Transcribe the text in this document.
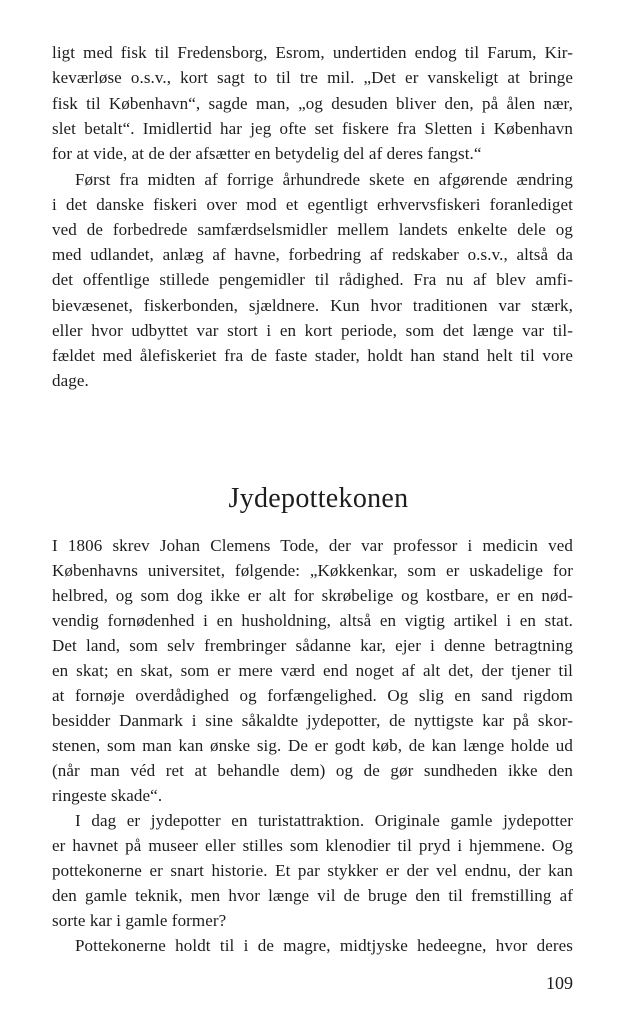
ligt med fisk til Fredensborg, Esrom, undertiden endog til Farum, Kir-
keværløse o.s.v., kort sagt to til tre mil. „Det er vanskeligt at bringe
fisk til København“, sagde man, „og desuden bliver den, på ålen nær,
slet betalt“. Imidlertid har jeg ofte set fiskere fra Sletten i København
for at vide, at de der afsætter en betydelig del af deres fangst.“
Først fra midten af forrige århundrede skete en afgørende ændring
i det danske fiskeri over mod et egentligt erhvervsfiskeri foranlediget
ved de forbedrede samfærdselsmidler mellem landets enkelte dele og
med udlandet, anlæg af havne, forbedring af redskaber o.s.v., altså da
det offentlige stillede pengemidler til rådighed. Fra nu af blev amfi-
bievæsenet, fiskerbonden, sjældnere. Kun hvor traditionen var stærk,
eller hvor udbyttet var stort i en kort periode, som det længe var til-
fældet med ålefiskeriet fra de faste stader, holdt han stand helt til vore
dage.
Jydepottekonen
I 1806 skrev Johan Clemens Tode, der var professor i medicin ved
Københavns universitet, følgende: „Køkkenkar, som er uskadelige for
helbred, og som dog ikke er alt for skrøbelige og kostbare, er en nød-
vendig fornødenhed i en husholdning, altså en vigtig artikel i en stat.
Det land, som selv frembringer sådanne kar, ejer i denne betragtning
en skat; en skat, som er mere værd end noget af alt det, der tjener til
at fornøje overdådighed og forfængelighed. Og slig en sand rigdom
besidder Danmark i sine såkaldte jydepotter, de nyttigste kar på skor-
stenen, som man kan ønske sig. De er godt køb, de kan længe holde ud
(når man véd ret at behandle dem) og de gør sundheden ikke den
ringeste skade“.
I dag er jydepotter en turistattraktion. Originale gamle jydepotter
er havnet på museer eller stilles som klenodier til pryd i hjemmene. Og
pottekonerne er snart historie. Et par stykker er der vel endnu, der kan
den gamle teknik, men hvor længe vil de bruge den til fremstilling af
sorte kar i gamle former?
Pottekonerne holdt til i de magre, midtjyske hedeegne, hvor deres
109
